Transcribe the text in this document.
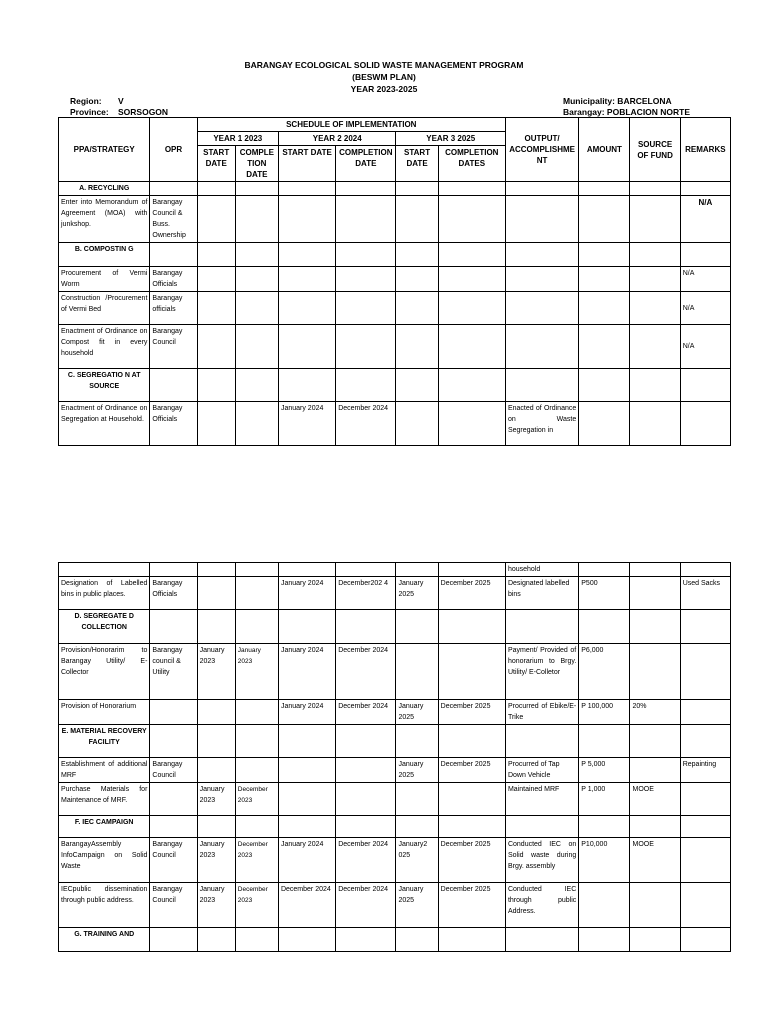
BARANGAY ECOLOGICAL SOLID WASTE MANAGEMENT PROGRAM
(BESWM PLAN)
YEAR 2023-2025
Region: V
Province: SORSOGON
Municipality: BARCELONA
Barangay: POBLACION NORTE
PPA/STRATEGY	OPR	SCHEDULE OF IMPLEMENTATION						OUTPUT/ ACCOMPLISHME NT	AMOUNT	SOURCE OF FUND	REMARKS
		YEAR 1 2023		YEAR 2 2024		YEAR 3 2025					
		START DATE	COMPLE TION DATE	START DATE	COMPLETION DATE	START DATE	COMPLETION DATES				
A. RECYCLING											
Enter into Memorandum of Agreement (MOA) with junkshop.	Barangay Council & Buss. Ownership										N/A
B. COMPOSTIN G											
Procurement of Vermi Worm	Barangay Officials										N/A
Construction /Procurement of Vermi Bed	Barangay officials										N/A
Enactment of Ordinance on Compost fit in every household	Barangay Council										N/A
C. SEGREGATIO N AT SOURCE											
Enactment of Ordinance on Segregation at Household.	Barangay Officials			January 2024	December 2024			Enacted of Ordinance on Waste Segregation in			
								household			
Designation of Labelled bins in public places.	Barangay Officials			January 2024	December202 4	January 2025	December 2025	Designated labelled bins	P500		Used Sacks
D. SEGREGATE D COLLECTION											
Provision/Honorarim to Barangay Utility/ E-Collector	Barangay council & Utility	January 2023	January 2023	January 2024	December 2024			Payment/ Provided of honorarium to Brgy. Utility/ E-Colletor	P6,000		
Provision of Honorarium				January 2024	December 2024	January 2025	December 2025	Procurred of Ebike/E-Trike	P 100,000	20%	
E. MATERIAL RECOVERY FACILITY											
Establishment of additional MRF	Barangay Council					January 2025	December 2025	Procurred of Tap Down Vehicle	P 5,000		Repainting
Purchase Materials for Maintenance of MRF.		January 2023	December 2023					Maintained MRF	P 1,000	MOOE	
F. IEC CAMPAIGN											
BarangayAssembly InfoCampaign on Solid Waste	Barangay Council	January 2023	December 2023	January 2024	December 2024	January2 025	December 2025	Conducted IEC on Solid waste during Brgy. assembly	P10,000	MOOE	
IECpublic dissemination through public address.	Barangay Council	January 2023	December 2023	December 2024	December 2024	January 2025	December 2025	Conducted IEC through public Address.			
G. TRAINING AND											
